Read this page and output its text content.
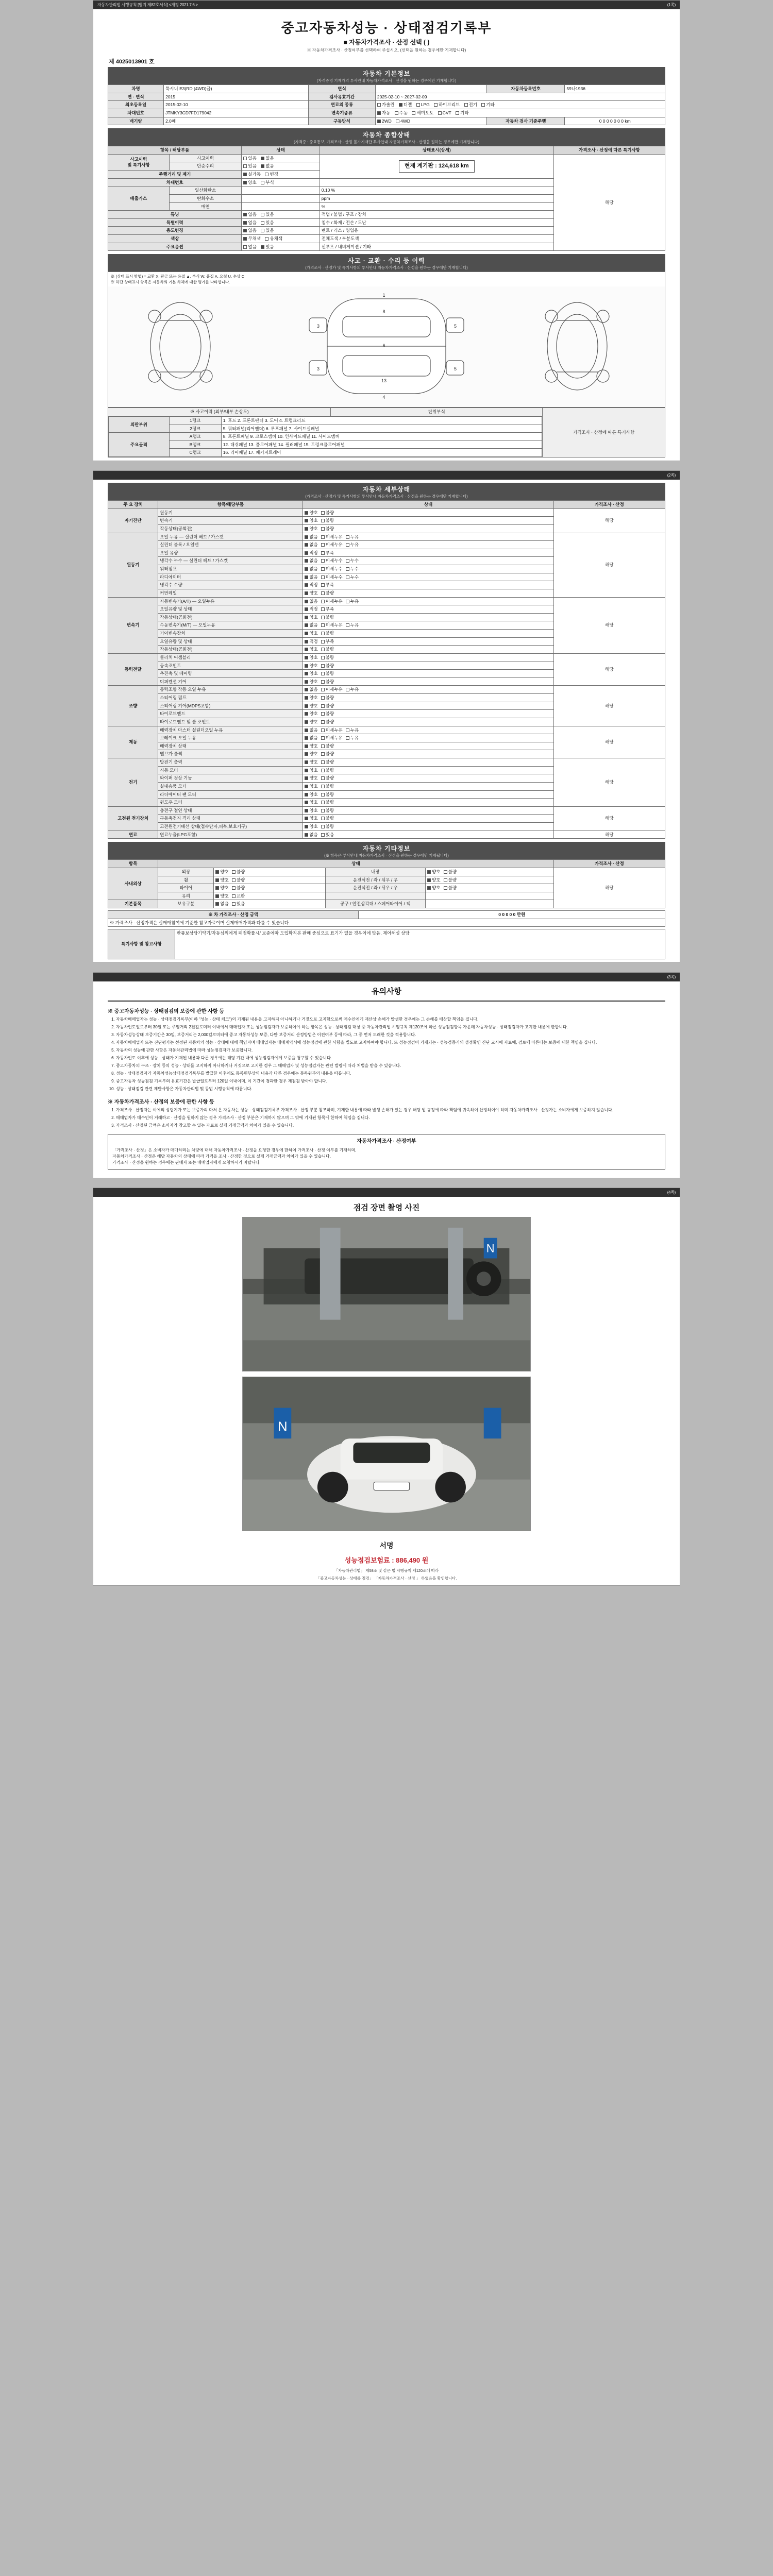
자동차관리법 시행규칙 [별지 제82호서식] <개정 2021.7.6.>	(1쪽)
중고자동차성능 · 상태점검기록부
■ 자동차가격조사 · 산정 선택 ( )
※ 자동차가격조사 · 산정여부를 선택하여 주십시오. (선택을 원하는 경우에만 기재합니다)
제 4025013901 호
자동차 기본정보
(자격증명 기재가격 투사안내 자동차가격조사 · 산정을 원하는 경우에만 기재합니다)
차명	툭시니 E3(RD (4WD)급)	연식		자동차등록번호	59나1936
연 · 연식	2015	검사유효기간	2025-02-10 ~ 2027-02-09		
최초등록일	2015-02-10	연료의 종류	가솔린 디젤 LPG 하이브리드 전기 기타		
차대번호	JTMKY3CD7FD179042	변속기종류	자동 수동 세미오토 CVT 기타		
배기량	2.0페	구동방식	2WD 4WD	자동차 검사 기준주행	0 0 0 0 0 0 0 km
자동차 종합상태
(자격증 : 중요통보, 가격조사 · 산정 불가기재단 투사안내 자동차가격조사 · 산정을 원하는 경우에만 기재합니다)
항목 / 해당부품		상태	상태표시(상세)	가격조사 · 산정에 따른 특기사항
사고이력
및 특기사항	사고이력	있음 없음	현재 계기판 : 124,618 km	해당
	단순수리	있음 없음		
주행거리 및 계기		실가동 변경		
차대번호		양호 부식		
배출가스	일산화탄소		0.10 %	
	탄화수소		ppm	
	매연		%	
튜닝		없음 있음	적법 / 불법 / 구조 / 장치	
특별이력		없음 있음	침수 / 화재 / 전손 / 도난	
용도변경		없음 있음	렌트 / 리스 / 영업용	
색상		무채색 유채색	전체도색 / 부분도색	
주요옵션		없음 있음	선루프 / 내비게이션 / 기타	
사고 · 교환 · 수리 등 이력
(가격조사 · 산정가 및 특기사항의 투사안내 자동차가격조사 · 산정을 원하는 경우에만 기재합니다)
※ (상태 표시 방법) = 교환 X, 판금 또는 용접 ▲, 부식 W, 흠집 A, 요철 U, 손상 C
※ 하단 상태표시 항목은 자동차의 기본 차체에 대한 평가를 나타냅니다.
1
4
3
3
5
5
8
6
13
※ 사고이력 (외부/내부 손상도)	단위부식	가격조사 · 산정에 따른 특기사항

외판부위	1랭크	1. 후드 2. 프론트팬더 3. 도어 4. 트렁크리드
2랭크	5. 쿼터패널(리어팬더) 6. 루프패널 7. 사이드실패널
주요골격	A랭크	8. 프론트패널 9. 크로스멤버 10. 인사이드패널 11. 사이드멤버
B랭크	12. 대쉬패널 13. 플로어패널 14. 필러패널 15. 트렁크플로어패널
C랭크	16. 리어패널 17. 패키지트레이
(2쪽)
자동차 세부상태
(가격조사 · 산정가 및 특기사항의 투사안내 자동차가격조사 · 산정을 원하는 경우에만 기재합니다)
주 요 장치	항목/해당부품	상태	가격조사 · 산정
자기진단	원동기	양호 불량	해당
	변속기	양호 불량	
	작동상태(공회전)	양호 불량	
원동기	오일 누유 — 실린더 헤드 / 가스켓	없음 미세누유 누유	해당
	실린더 블록 / 오일팬	없음 미세누유 누유	
	오일 유량	적정 부족	
	냉각수 누수 — 실린더 헤드 / 가스켓	없음 미세누수 누수	
	워터펌프	없음 미세누수 누수	
	라디에이터	없음 미세누수 누수	
	냉각수 수량	적정 부족	
	커먼레일	양호 불량	
변속기	자동변속기(A/T) — 오일누유	없음 미세누유 누유	해당
	오일유량 및 상태	적정 부족	
	작동상태(공회전)	양호 불량	
	수동변속기(M/T) — 오일누유	없음 미세누유 누유	
	기어변속장치	양호 불량	
	오일유량 및 상태	적정 부족	
	작동상태(공회전)	양호 불량	
동력전달	클러치 어셈블리	양호 불량	해당
	등속조인트	양호 불량	
	추진축 및 베어링	양호 불량	
	디퍼렌셜 기어	양호 불량	
조향	동력조향 작동 오일 누유	없음 미세누유 누유	해당
	스티어링 펌프	양호 불량	
	스티어링 기어(MDPS포함)	양호 불량	
	타이로드엔드	양호 불량	
	타이로드엔드 및 볼 조인트	양호 불량	
제동	배력장치 마스터 실린더오일 누유	없음 미세누유 누유	해당
	브레이크 오일 누유	없음 미세누유 누유	
	배력장치 상태	양호 불량	
	밸브가 풀쩍	양호 불량	
전기	발전기 출력	양호 불량	해당
	시동 모터	양호 불량	
	와이퍼 정상 기능	양호 불량	
	실내송풍 모터	양호 불량	
	라디에이터 팬 모터	양호 불량	
	윈도우 모터	양호 불량	
고전원 전기장치	충전구 절연 상태	양호 불량	해당
	구동축전지 격리 상태	양호 불량	
	고전원전기배선 상태(접속단자,피복,보호기구)	양호 불량	
연료	연료누출(LPG포함)	없음 있음	해당
자동차 기타정보
(※ 항목은 부사안내 자동차가격조사 · 산정을 원하는 경우에만 기재됩니다)
항목	상태				가격조사 · 산정
사내외상	외장	양호 불량	내장	양호 불량	해당
	휠	양호 불량	운전석전 / 좌 / 뒤우 / 우	양호 불량	
	타이어	양호 불량	운전석전 / 좌 / 뒤우 / 우	양호 불량	
	유리	양호 교환			
기본품목	보유구분	없음 있음	공구 / 안전삼각대 / 스페어타이어 / 잭		
※ 차 가격조사 · 산정 금액	0 0 0 0 0 만원
※ 가격조사 · 산정가격은 실매매참여에 기준한 참고자료이며 실제매매가격과 다를 수 있습니다.
특기사항 및 참고사항	반품보상담기약기/자동심의에게 폐점확률시/ 보증에따 도입확직본 판매 중심으로 표기가 없을 경우이에 맞음, 제어해설 상담
(3쪽)
유의사항
※ 중고자동차성능 · 상태점검의 보증에 관한 사항 등
1. 자동차매매업자는 성능 · 상태점검기록부(이하 "성능 · 상태 체크")의 기재된 내용을 고지하지 아니하거나 거짓으로 고지함으로써 매수인에게 재산상 손해가 발생한 경우에는 그 손해를 배상할 책임을 집니다.
2. 자동차인도일로부터 30일 또는 주행거리 2천킬로미터 이내에서 매매업자 또는 성능점검자가 보증하여야 하는 항목은 성능 · 상태점검 대상 중 자동차관리법 시행규칙 제120조에 따른 성능점검항목 가운데 자동차성능 · 상태점검자가 고지한 내용에 한합니다.
3. 자동차성능상태 보증기간은 30일, 보증거리는 2,000킬로미터에 중고 자동차성능 보증, 다만 보증거리 산정방법은 이전여부 등에 따라, 그 중 먼저 도래한 것을 적용합니다.
4. 자동차매매업자 또는 진단평가는 선정된 자동차의 성능 · 상태에 대해 책임지며 매매업자는 매매계약서에 성능점검에 관한 사항을 별도로 고지하여야 합니다. 또 성능점검이 기재되는 · 성능검증기의 성정확인 진단 교시에 자료에, 검토에 따른다는 보증에 대한 책임을 집니다.
5. 자동차의 성능에 관한 사항은 자동차관리법에 따라 성능점검자가 보증합니다.
6. 자동차인도 이후에 성능 · 상태가 기재된 내용과 다른 경우에는 해당 기간 내에 성능점검자에게 보증을 청구할 수 있습니다.
7. 중고자동차의 구조 · 장치 등의 성능 · 상태를 고지하지 아니하거나 거짓으로 고지한 경우 그 매매업자 및 성능점검자는 관련 법령에 따라 처벌을 받을 수 있습니다.
8. 성능 · 상태점검자가 자동차성능상태점검기록부를 발급한 이후에도 등록원부상의 내용과 다른 경우에는 등록원부의 내용을 따릅니다.
9. 중고자동차 성능점검 기록부의 유효기간은 발급일로부터 120일 이내이며, 이 기간이 경과한 경우 재점검 받아야 합니다.
10. 성능 · 상태점검 관련 제반사항은 자동차관리법 및 동법 시행규칙에 따릅니다.
※ 자동차가격조사 · 산정의 보증에 관한 사항 등
1. 가격조사 · 산정자는 이에의 성립기가 또는 보증가의 마쳐 온 자동차는 성능 · 상태점검기록부 가격조사 · 산정 부분 참조하며, 기재한 내용에 따라 발생 손해가 있는 경우 해당 법 규정에 따라 책임에 귀속하여 산정하여야 하며 자동차가격조사 · 산정가는 소비자에게 보증하지 않습니다.
2. 매매업자가 매수인이 거래하고 · 산정을 원하지 않는 경우 가격조사 · 산정 부분은 기재하지 않으며 그 밖에 기재된 항목에 한하여 책임을 집니다.
3. 가격조사 · 산정된 금액은 소비자가 참고할 수 있는 자료로 실제 거래금액과 차이가 있을 수 있습니다.
자동차가격조사 · 산정여부
「가격조사 · 산정」은 소비자가 매매하려는 차량에 대해 자동차가격조사 · 산정을 요청한 경우에 한하여 가격조사 · 산정 여부를 기재하며,
자동차가격조사 · 산정은 해당 자동차의 상태에 따라 가격을 조사 · 산정한 것으로 실제 거래금액과 차이가 있을 수 있습니다.
가격조사 · 산정을 원하는 경우에는 판매자 또는 매매업자에게 요청하시기 바랍니다.
(4쪽)
점검 장면 촬영 사진
N
N
서명
성능점검보험료 : 886,490 원
「자동차관리법」 제58조 및 같은 법 시행규칙 제120조에 따라
「중고자동차성능 · 상태를 점검」 「자동차가격조사 · 산정 」 하였음을 확인합니다.
